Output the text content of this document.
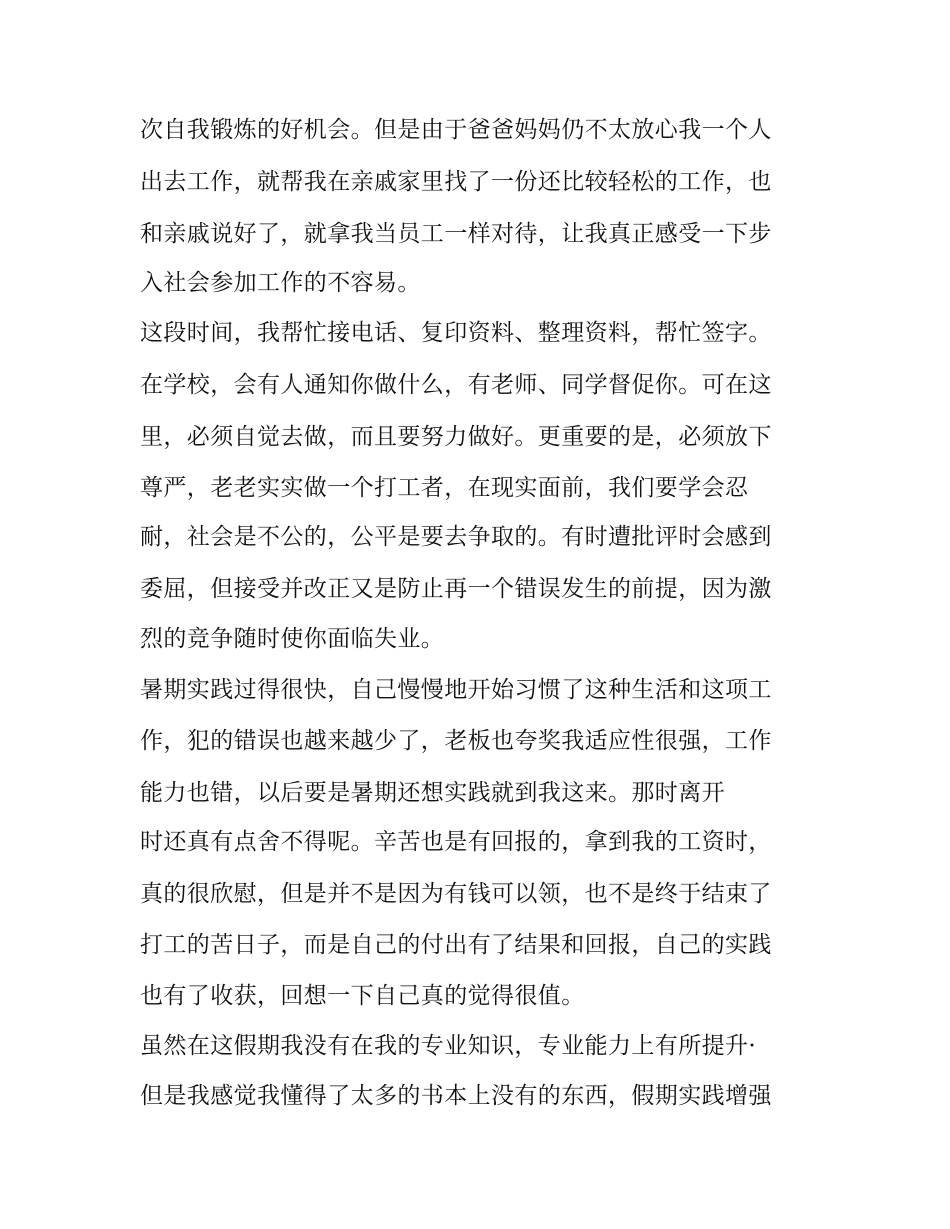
次自我锻炼的好机会。但是由于爸爸妈妈仍不太放心我一个人
出去工作，就帮我在亲戚家里找了一份还比较轻松的工作，也
和亲戚说好了，就拿我当员工一样对待，让我真正感受一下步
入社会参加工作的不容易。
这段时间，我帮忙接电话、复印资料、整理资料，帮忙签字。
在学校，会有人通知你做什么，有老师、同学督促你。可在这
里，必须自觉去做，而且要努力做好。更重要的是，必须放下
尊严，老老实实做一个打工者，在现实面前，我们要学会忍
耐，社会是不公的，公平是要去争取的。有时遭批评时会感到
委屈，但接受并改正又是防止再一个错误发生的前提，因为激
烈的竞争随时使你面临失业。
暑期实践过得很快，自己慢慢地开始习惯了这种生活和这项工
作，犯的错误也越来越少了，老板也夸奖我适应性很强，工作
能力也错，以后要是暑期还想实践就到我这来。那时离开
时还真有点舍不得呢。辛苦也是有回报的，拿到我的工资时，
真的很欣慰，但是并不是因为有钱可以领，也不是终于结束了
打工的苦日子，而是自己的付出有了结果和回报，自己的实践
也有了收获，回想一下自己真的觉得很值。
虽然在这假期我没有在我的专业知识，专业能力上有所提升·
但是我感觉我懂得了太多的书本上没有的东西，假期实践增强
